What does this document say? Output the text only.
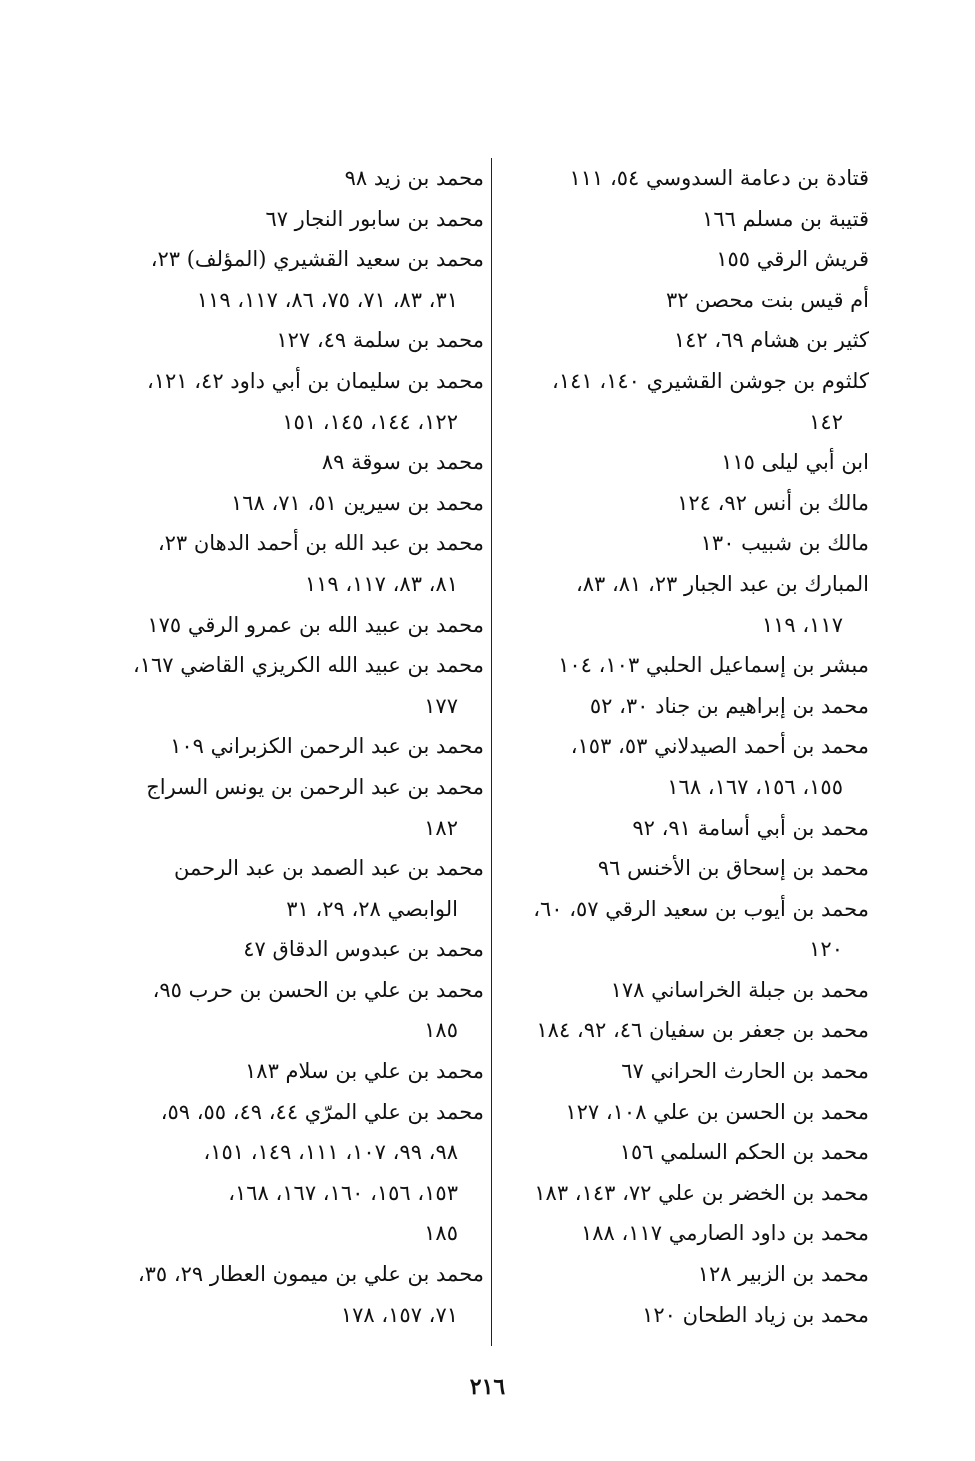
قتادة بن دعامة السدوسي ٥٤، ١١١
قتيبة بن مسلم ١٦٦
قريش الرقي ١٥٥
أم قيس بنت محصن ٣٢
كثير بن هشام ٦٩، ١٤٢
كلثوم بن جوشن القشيري ١٤٠، ١٤١،
١٤٢
ابن أبي ليلى ١١٥
مالك بن أنس ٩٢، ١٢٤
مالك بن شبيب ١٣٠
المبارك بن عبد الجبار ٢٣، ٨١، ٨٣،
١١٧، ١١٩
مبشر بن إسماعيل الحلبي ١٠٣، ١٠٤
محمد بن إبراهيم بن جناد ٣٠، ٥٢
محمد بن أحمد الصيدلاني ٥٣، ١٥٣،
١٥٥، ١٥٦، ١٦٧، ١٦٨
محمد بن أبي أسامة ٩١، ٩٢
محمد بن إسحاق بن الأخنس ٩٦
محمد بن أيوب بن سعيد الرقي ٥٧، ٦٠،
١٢٠
محمد بن جبلة الخراساني ١٧٨
محمد بن جعفر بن سفيان ٤٦، ٩٢، ١٨٤
محمد بن الحارث الحراني ٦٧
محمد بن الحسن بن علي ١٠٨، ١٢٧
محمد بن الحكم السلمي ١٥٦
محمد بن الخضر بن علي ٧٢، ١٤٣، ١٨٣
محمد بن داود الصارمي ١١٧، ١٨٨
محمد بن الزبير ١٢٨
محمد بن زياد الطحان ١٢٠
محمد بن زيد ٩٨
محمد بن سابور النجار ٦٧
محمد بن سعيد القشيري (المؤلف) ٢٣،
٣١، ٨٣، ٧١، ٧٥، ٨٦، ١١٧، ١١٩
محمد بن سلمة ٤٩، ١٢٧
محمد بن سليمان بن أبي داود ٤٢، ١٢١،
١٢٢، ١٤٤، ١٤٥، ١٥١
محمد بن سوقة ٨٩
محمد بن سيرين ٥١، ٧١، ١٦٨
محمد بن عبد الله بن أحمد الدهان ٢٣،
٨١، ٨٣، ١١٧، ١١٩
محمد بن عبيد الله بن عمرو الرقي ١٧٥
محمد بن عبيد الله الكريزي القاضي ١٦٧،
١٧٧
محمد بن عبد الرحمن الكزبراني ١٠٩
محمد بن عبد الرحمن بن يونس السراج
١٨٢
محمد بن عبد الصمد بن عبد الرحمن
الوابصي ٢٨، ٢٩، ٣١
محمد بن عبدوس الدقاق ٤٧
محمد بن علي بن الحسن بن حرب ٩٥،
١٨٥
محمد بن علي بن سلام ١٨٣
محمد بن علي المرّي ٤٤، ٤٩، ٥٥، ٥٩،
٩٨، ٩٩، ١٠٧، ١١١، ١٤٩، ١٥١،
١٥٣، ١٥٦، ١٦٠، ١٦٧، ١٦٨،
١٨٥
محمد بن علي بن ميمون العطار ٢٩، ٣٥،
٧١، ١٥٧، ١٧٨
٢١٦
